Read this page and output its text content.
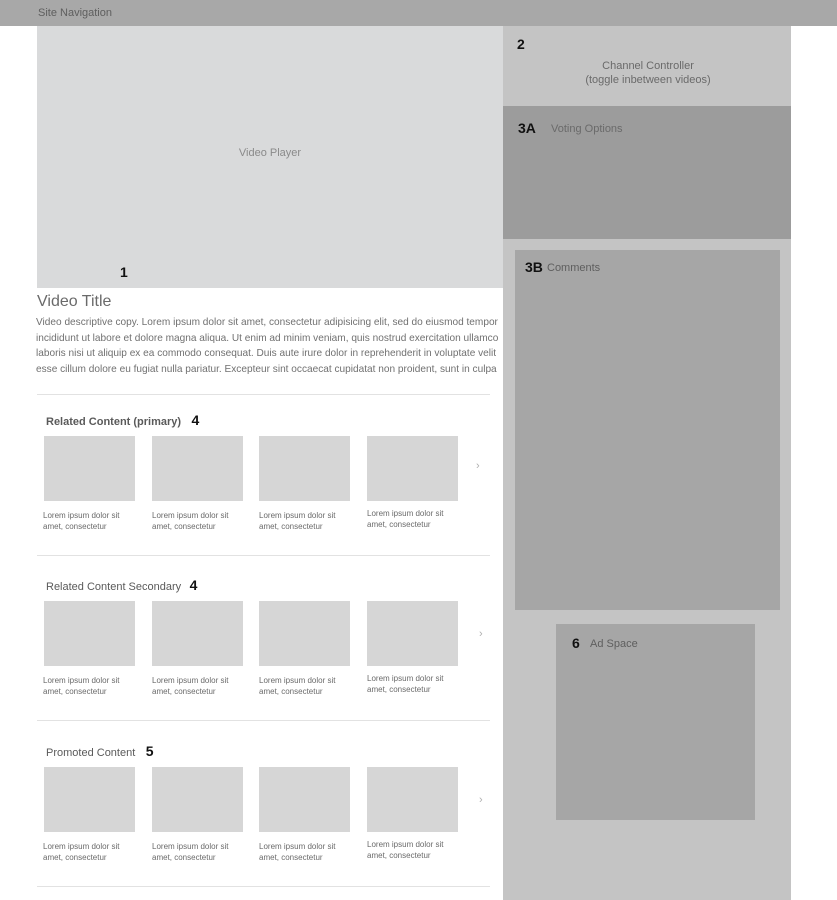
Site Navigation
Video Player
1
2
Channel Controller
(toggle inbetween videos)
3A Voting Options
3B Comments
6 Ad Space
Video Title
Video descriptive copy. Lorem ipsum dolor sit amet, consectetur adipisicing elit, sed do eiusmod tempor incididunt ut labore et dolore magna aliqua. Ut enim ad minim veniam, quis nostrud exercitation ullamco laboris nisi ut aliquip ex ea commodo consequat. Duis aute irure dolor in reprehenderit in voluptate velit esse cillum dolore eu fugiat nulla pariatur. Excepteur sint occaecat cupidatat non proident, sunt in culpa
Related Content (primary) 4
Lorem ipsum dolor sit amet, consectetur
Lorem ipsum dolor sit amet, consectetur
Lorem ipsum dolor sit amet, consectetur
Lorem ipsum dolor sit amet, consectetur
›
Related Content Secondary 4
Lorem ipsum dolor sit amet, consectetur
Lorem ipsum dolor sit amet, consectetur
Lorem ipsum dolor sit amet, consectetur
Lorem ipsum dolor sit amet, consectetur
›
Promoted Content 5
Lorem ipsum dolor sit amet, consectetur
Lorem ipsum dolor sit amet, consectetur
Lorem ipsum dolor sit amet, consectetur
Lorem ipsum dolor sit amet, consectetur
›
